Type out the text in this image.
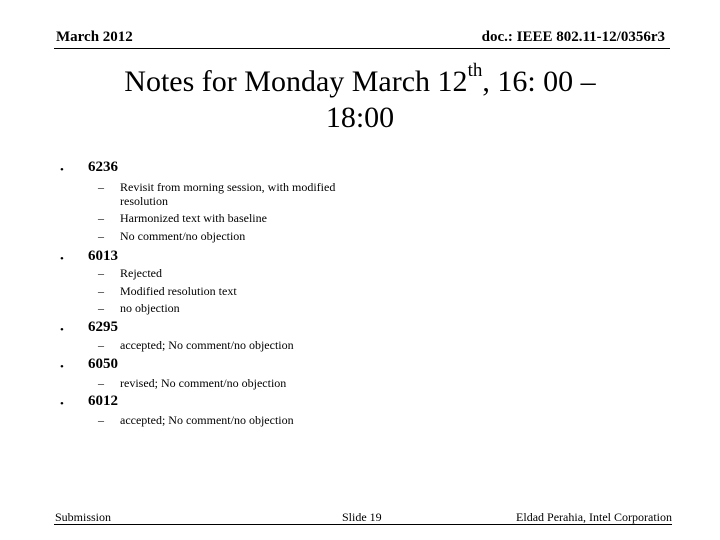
March 2012	doc.: IEEE 802.11-12/0356r3
Notes for Monday March 12th, 16: 00 –
18:00
• 6236
– Revisit from morning session, with modified resolution
– Harmonized text with baseline
– No comment/no objection
• 6013
– Rejected
– Modified resolution text
– no objection
• 6295
– accepted; No comment/no objection
• 6050
– revised; No comment/no objection
• 6012
– accepted; No comment/no objection
Submission	Slide 19	Eldad Perahia, Intel Corporation
